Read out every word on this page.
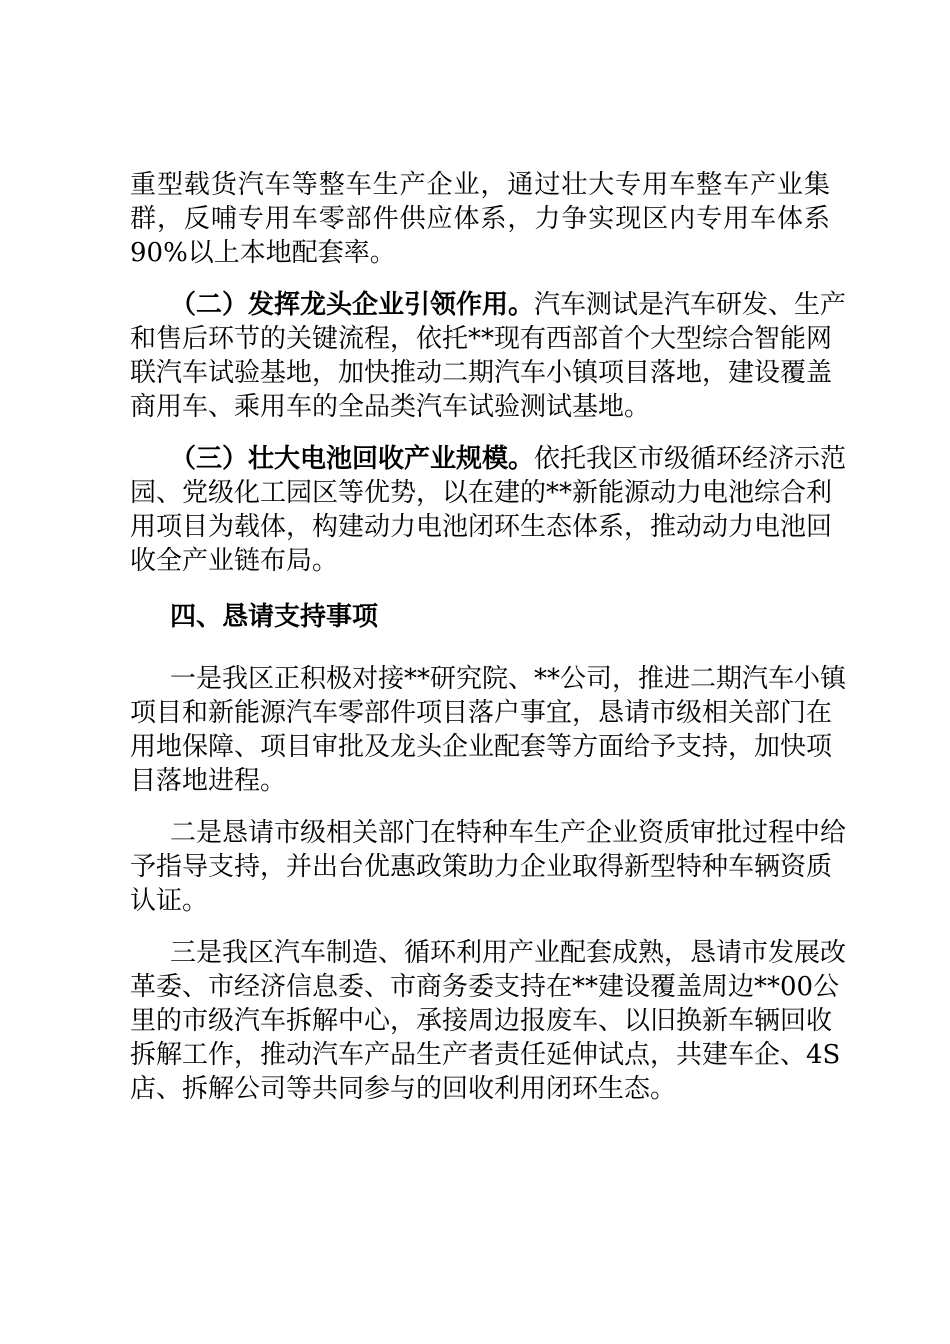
重型载货汽车等整车生产企业，通过壮大专用车整车产业集
群，反哺专用车零部件供应体系，力争实现区内专用车体系
90%以上本地配套率。
（二）发挥龙头企业引领作用。汽车测试是汽车研发、生产
和售后环节的关键流程，依托**现有西部首个大型综合智能网
联汽车试验基地，加快推动二期汽车小镇项目落地，建设覆盖
商用车、乘用车的全品类汽车试验测试基地。
（三）壮大电池回收产业规模。依托我区市级循环经济示范
园、党级化工园区等优势，以在建的**新能源动力电池综合利
用项目为载体，构建动力电池闭环生态体系，推动动力电池回
收全产业链布局。
四、恳请支持事项
一是我区正积极对接**研究院、**公司，推进二期汽车小镇
项目和新能源汽车零部件项目落户事宜，恳请市级相关部门在
用地保障、项目审批及龙头企业配套等方面给予支持，加快项
目落地进程。
二是恳请市级相关部门在特种车生产企业资质审批过程中给
予指导支持，并出台优惠政策助力企业取得新型特种车辆资质
认证。
三是我区汽车制造、循环利用产业配套成熟，恳请市发展改
革委、市经济信息委、市商务委支持在**建设覆盖周边**00公
里的市级汽车拆解中心，承接周边报废车、以旧换新车辆回收
拆解工作，推动汽车产品生产者责任延伸试点，共建车企、4S
店、拆解公司等共同参与的回收利用闭环生态。
